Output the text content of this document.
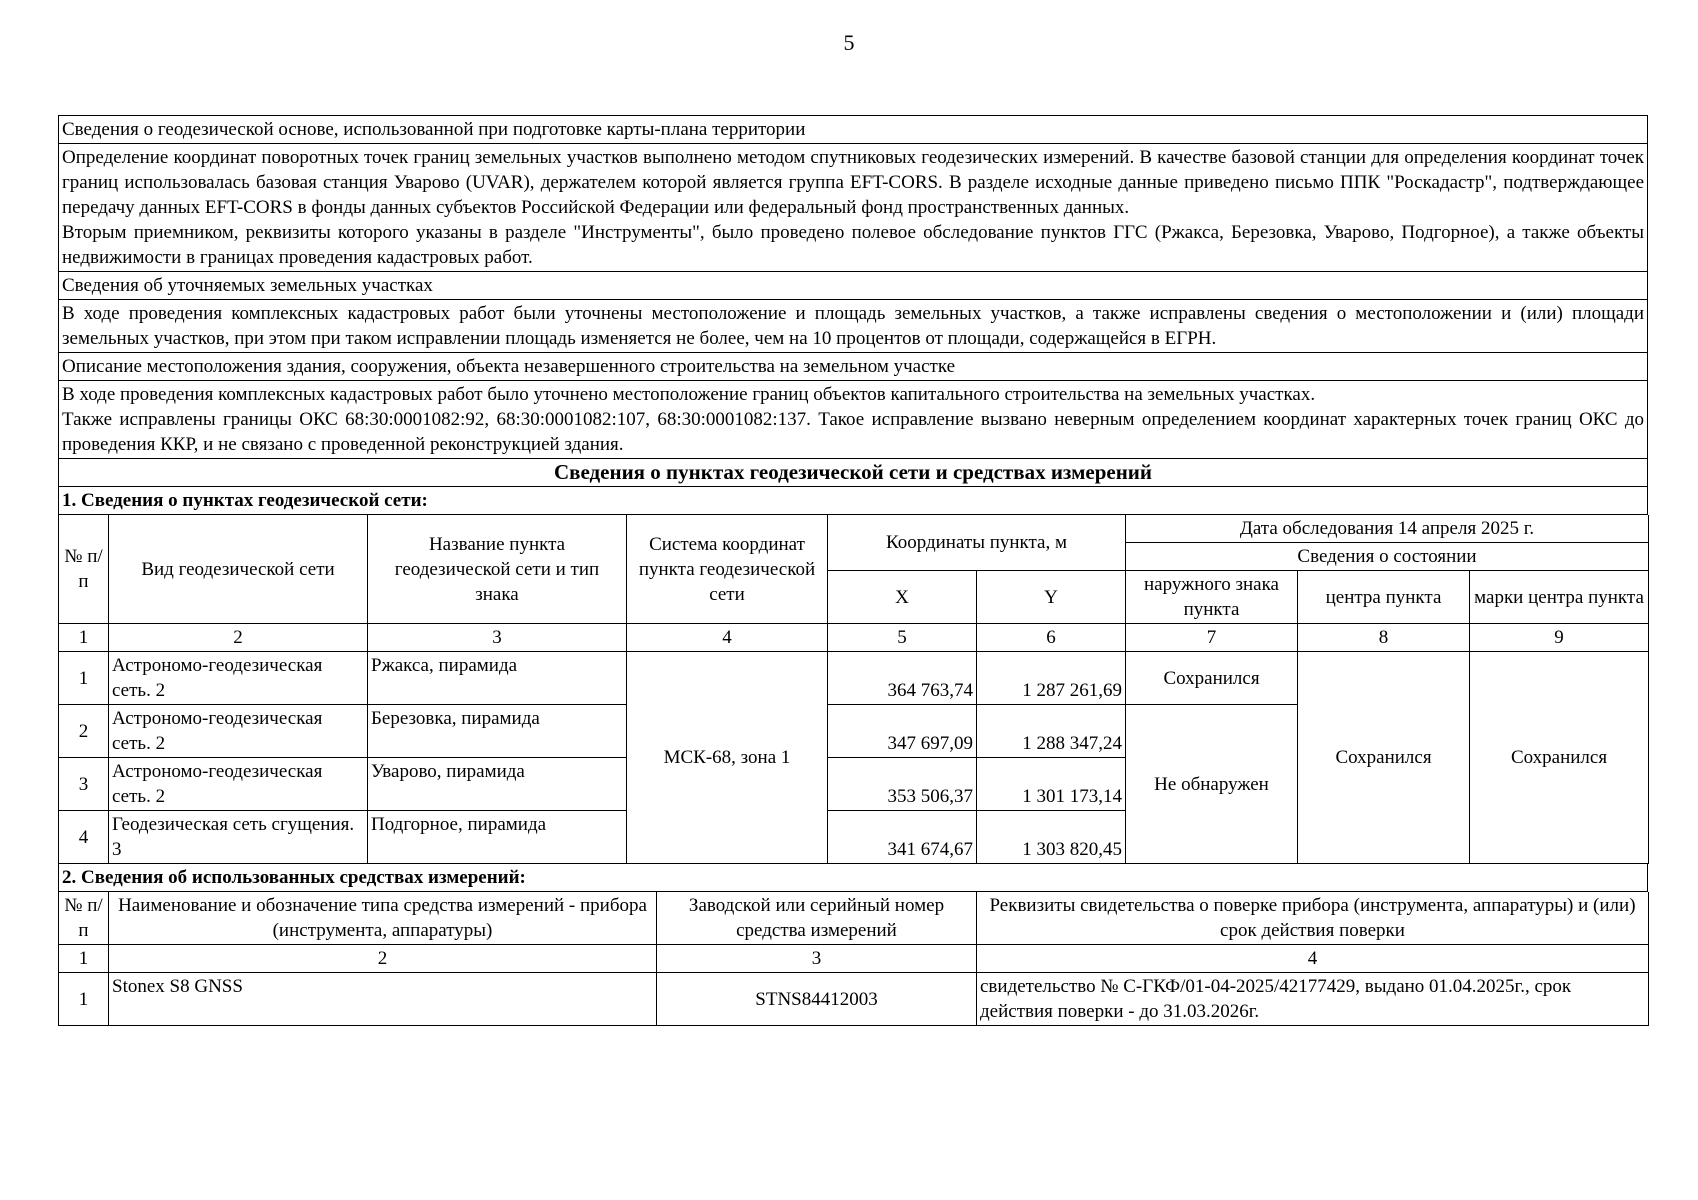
5
Сведения о геодезической основе, использованной при подготовке карты-плана территории

Определение координат поворотных точек границ земельных участков выполнено методом спутниковых геодезических измерений. В качестве базовой станции для определения координат точек границ использовалась базовая станция Уварово (UVAR), держателем которой является группа EFT-CORS. В разделе исходные данные приведено письмо ППК "Роскадастр", подтверждающее передачу данных EFT-CORS в фонды данных субъектов Российской Федерации или федеральный фонд пространственных данных.
Вторым приемником, реквизиты которого указаны в разделе "Инструменты", было проведено полевое обследование пунктов ГГС (Ржакса, Березовка, Уварово, Подгорное), а также объекты недвижимости в границах проведения кадастровых работ.

Сведения об уточняемых земельных участках
В ходе проведения комплексных кадастровых работ были уточнены местоположение и площадь земельных участков, а также исправлены сведения о местоположении и (или) площади земельных участков, при этом при таком исправлении площадь изменяется не более, чем на 10 процентов от площади, содержащейся в ЕГРН.
Описание местоположения здания, сооружения, объекта незавершенного строительства на земельном участке

В ходе проведения комплексных кадастровых работ было уточнено местоположение границ объектов капитального строительства на земельных участках.
Также исправлены границы ОКС 68:30:0001082:92, 68:30:0001082:107, 68:30:0001082:137. Такое исправление вызвано неверным определением координат характерных точек границ ОКС до проведения ККР, и не связано с проведенной реконструкцией здания.

Сведения о пунктах геодезической сети и средствах измерений
1. Сведения о пунктах геодезической сети:
№ п/п	Вид геодезической сети	Название пункта геодезической сети и тип знака	Система координат пункта геодезической сети	Координаты пункта, м		Дата обследования 14 апреля 2025 г.		
						Сведения о состоянии		
				X	Y	наружного знака пункта	центра пункта	марки центра пункта
1	2	3	4	5	6	7	8	9
1	Астрономо-геодезическая сеть. 2	Ржакса, пирамида	МСК-68, зона 1	364 763,74	1 287 261,69	Сохранился	Сохранился	Сохранился
2	Астрономо-геодезическая сеть. 2	Березовка, пирамида		347 697,09	1 288 347,24	Не обнаружен		
3	Астрономо-геодезическая сеть. 2	Уварово, пирамида		353 506,37	1 301 173,14			
4	Геодезическая сеть сгущения. 3	Подгорное, пирамида		341 674,67	1 303 820,45			
2. Сведения об использованных средствах измерений:
№ п/п	Наименование и обозначение типа средства измерений - прибора (инструмента, аппаратуры)	Заводской или серийный номер средства измерений	Реквизиты свидетельства о поверке прибора (инструмента, аппаратуры) и (или) срок действия поверки
1	2	3	4
1	Stonex S8 GNSS	STNS84412003	свидетельство № С-ГКФ/01-04-2025/42177429, выдано 01.04.2025г., срок действия поверки - до 31.03.2026г.
